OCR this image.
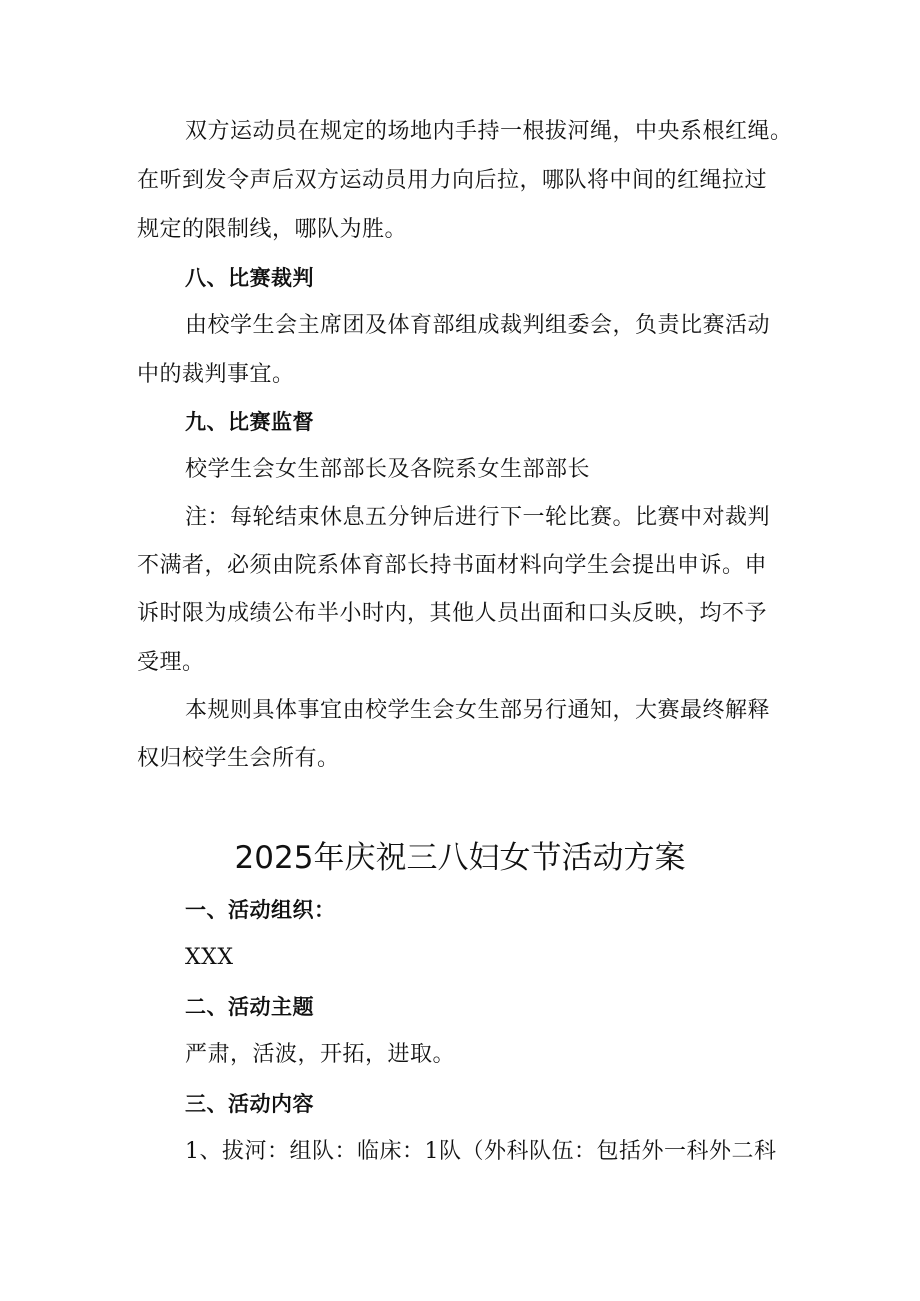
双方运动员在规定的场地内手持一根拔河绳，中央系根红绳。
在听到发令声后双方运动员用力向后拉，哪队将中间的红绳拉过
规定的限制线，哪队为胜。
八、比赛裁判
由校学生会主席团及体育部组成裁判组委会，负责比赛活动
中的裁判事宜。
九、比赛监督
校学生会女生部部长及各院系女生部部长
注：每轮结束休息五分钟后进行下一轮比赛。比赛中对裁判
不满者，必须由院系体育部长持书面材料向学生会提出申诉。申
诉时限为成绩公布半小时内，其他人员出面和口头反映，均不予
受理。
本规则具体事宜由校学生会女生部另行通知，大赛最终解释
权归校学生会所有。
2025年庆祝三八妇女节活动方案
一、活动组织：
XXX
二、活动主题
严肃，活波，开拓，进取。
三、活动内容
1、拔河：组队：临床：1队（外科队伍：包括外一科外二科
